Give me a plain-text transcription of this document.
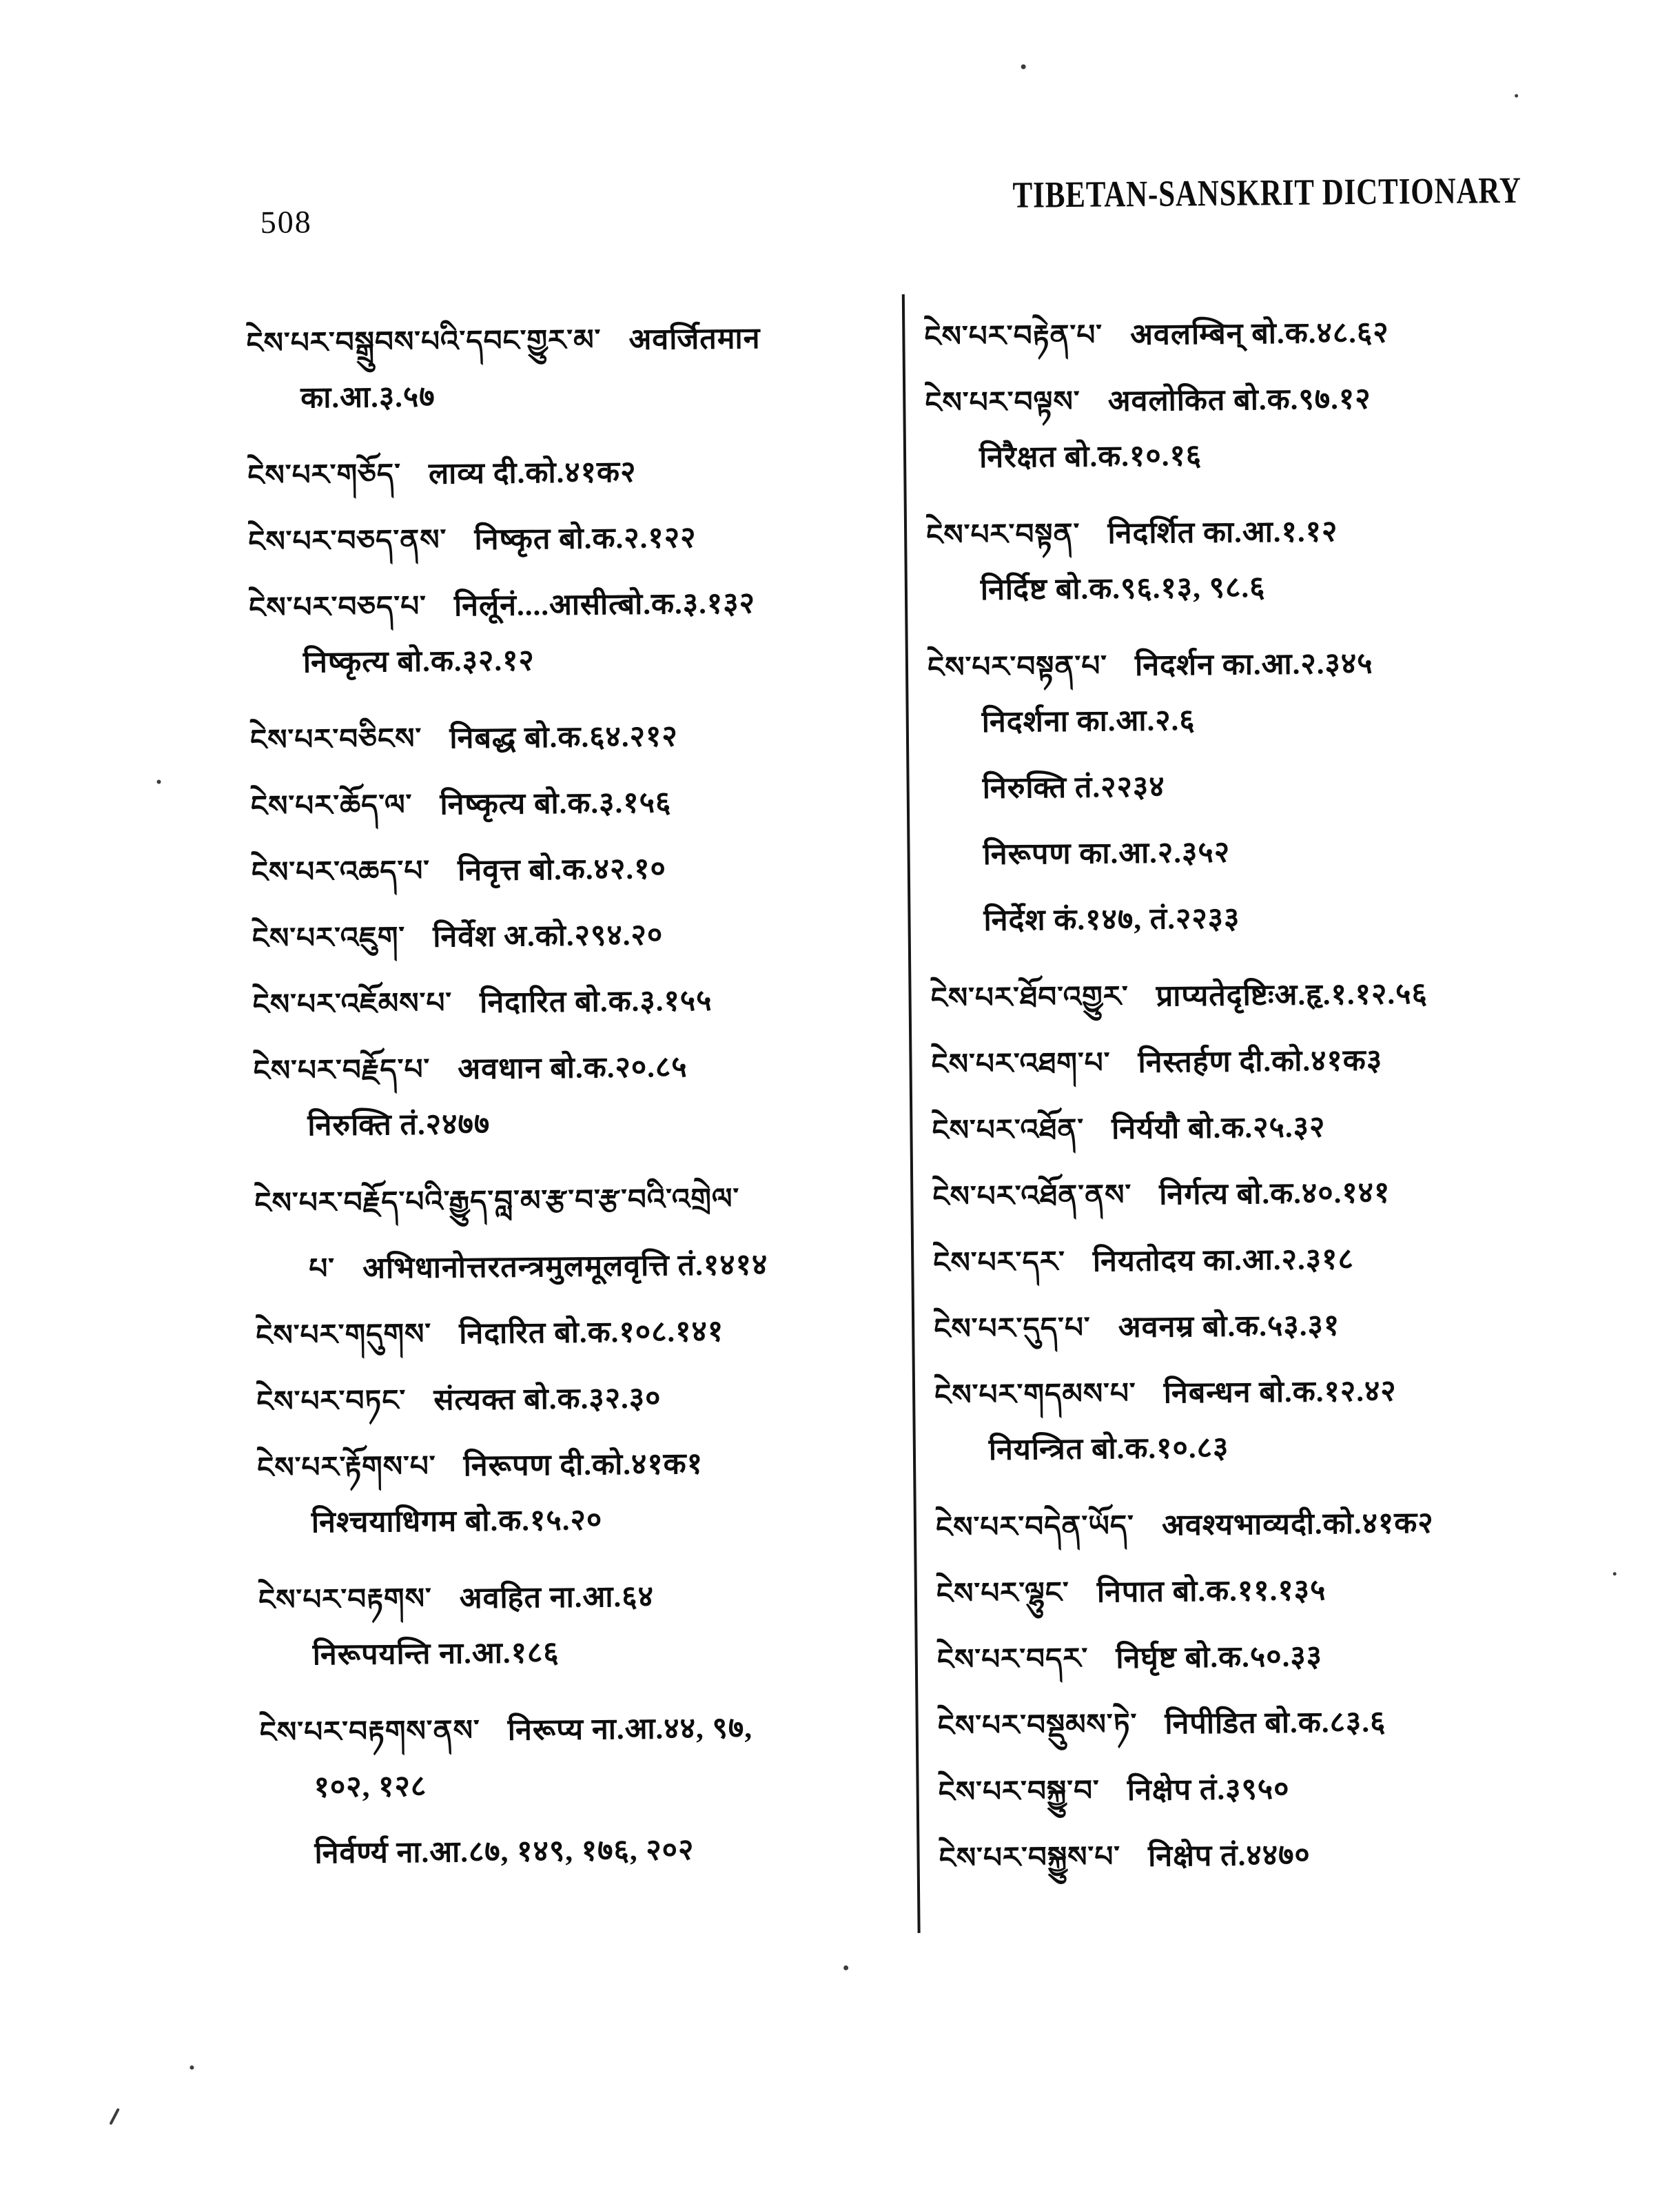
508
TIBETAN-SANSKRIT DICTIONARY
ངེས་པར་བསྒྲུབས་པའི་དབང་གྱུར་མ་ अवर्जितमान
का.आ.३.५७
ངེས་པར་གཅོད་ लाव्य दी.को.४१क२
ངེས་པར་བཅད་ནས་ निष्कृत बो.क.२.१२२
ངེས་པར་བཅད་པ་ निर्लूनं....आसीत्बो.क.३.१३२
निष्कृत्य बो.क.३२.१२
ངེས་པར་བཅིངས་ निबद्ध बो.क.६४.२१२
ངེས་པར་ཆོད་ལ་ निष्कृत्य बो.क.३.१५६
ངེས་པར་འཆད་པ་ निवृत्त बो.क.४२.१०
ངེས་པར་འཇུག་ निर्वेश अ.को.२९४.२०
ངེས་པར་འཇོམས་པ་ निदारित बो.क.३.१५५
ངེས་པར་བརྗོད་པ་ अवधान बो.क.२०.८५
निरुक्ति तं.२४७७
ངེས་པར་བརྗོད་པའི་རྒྱུད་བླ་མ་རྩ་བ་རྩ་བའི་འགྲེལ་
པ་ अभिधानोत्तरतन्त्रमुलमूलवृत्ति तं.१४१४
ངེས་པར་གདུགས་ निदारित बो.क.१०८.१४१
ངེས་པར་བཏང་ संत्यक्त बो.क.३२.३०
ངེས་པར་རྟོགས་པ་ निरूपण दी.को.४१क१
निश्चयाधिगम बो.क.१५.२०
ངེས་པར་བརྟགས་ अवहित ना.आ.६४
निरूपयन्ति ना.आ.१८६
ངེས་པར་བརྟགས་ནས་ निरूप्य ना.आ.४४, ९७,
१०२, १२८
निर्वर्ण्य ना.आ.८७, १४९, १७६, २०२
ངེས་པར་བརྟེན་པ་ अवलम्बिन् बो.क.४८.६२
ངེས་པར་བལྟས་ अवलोकित बो.क.९७.१२
निरैक्षत बो.क.१०.१६
ངེས་པར་བསྟན་ निदर्शित का.आ.१.१२
निर्दिष्ट बो.क.९६.१३, ९८.६
ངེས་པར་བསྟན་པ་ निदर्शन का.आ.२.३४५
निदर्शना का.आ.२.६
निरुक्ति तं.२२३४
निरूपण का.आ.२.३५२
निर्देश कं.१४७, तं.२२३३
ངེས་པར་ཐོབ་འགྱུར་ प्राप्यतेदृष्टिःअ.हृ.१.१२.५६
ངེས་པར་འཐག་པ་ निस्तर्हण दी.को.४१क३
ངེས་པར་འཐོན་ निर्ययौ बो.क.२५.३२
ངེས་པར་འཐོན་ནས་ निर्गत्य बो.क.४०.१४१
ངེས་པར་དར་ नियतोदय का.आ.२.३१८
ངེས་པར་དུད་པ་ अवनम्र बो.क.५३.३१
ངེས་པར་གདམས་པ་ निबन्धन बो.क.१२.४२
नियन्त्रित बो.क.१०.८३
ངེས་པར་བདེན་ཡོད་ अवश्यभाव्यदी.को.४१क२
ངེས་པར་ལྷུང་ निपात बो.क.११.१३५
ངེས་པར་བདར་ निर्घृष्ट बो.क.५०.३३
ངེས་པར་བསྡུམས་ཏེ་ निपीडित बो.क.८३.६
ངེས་པར་བསྐྱུ་བ་ निक्षेप तं.३९५०
ངེས་པར་བསྐྱུས་པ་ निक्षेप तं.४४७०
